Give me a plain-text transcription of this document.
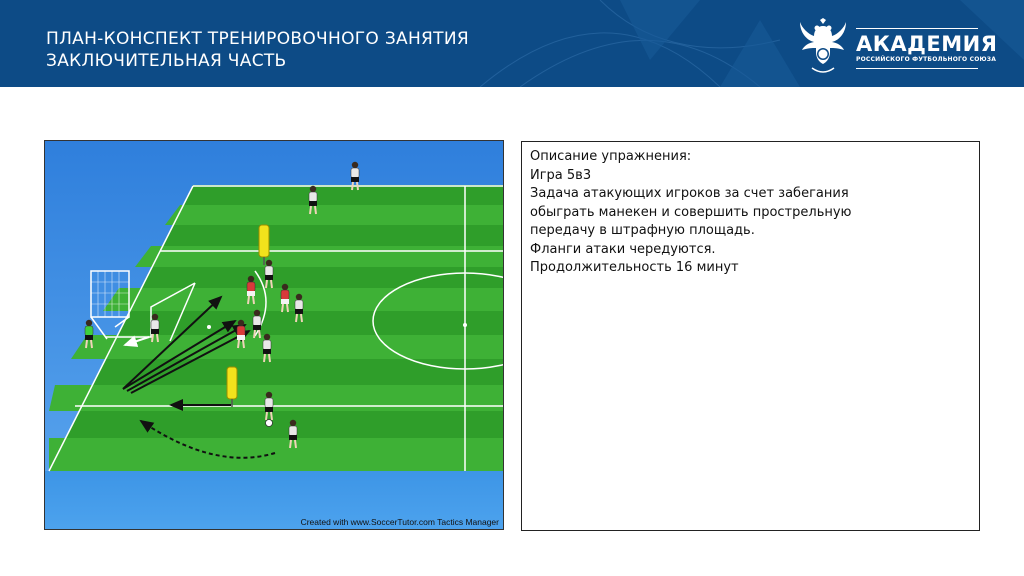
ПЛАН-КОНСПЕКТ ТРЕНИРОВОЧНОГО ЗАНЯТИЯ
ЗАКЛЮЧИТЕЛЬНАЯ ЧАСТЬ
АКАДЕМИЯ
РОССИЙСКОГО ФУТБОЛЬНОГО СОЮЗА
Created with www.SoccerTutor.com Tactics Manager
Описание упражнения:
Игра 5в3
Задача атакующих игроков за счет забегания
обыграть манекен и совершить прострельную
передачу в штрафную площадь.
Фланги атаки чередуются.
Продолжительность 16 минут
